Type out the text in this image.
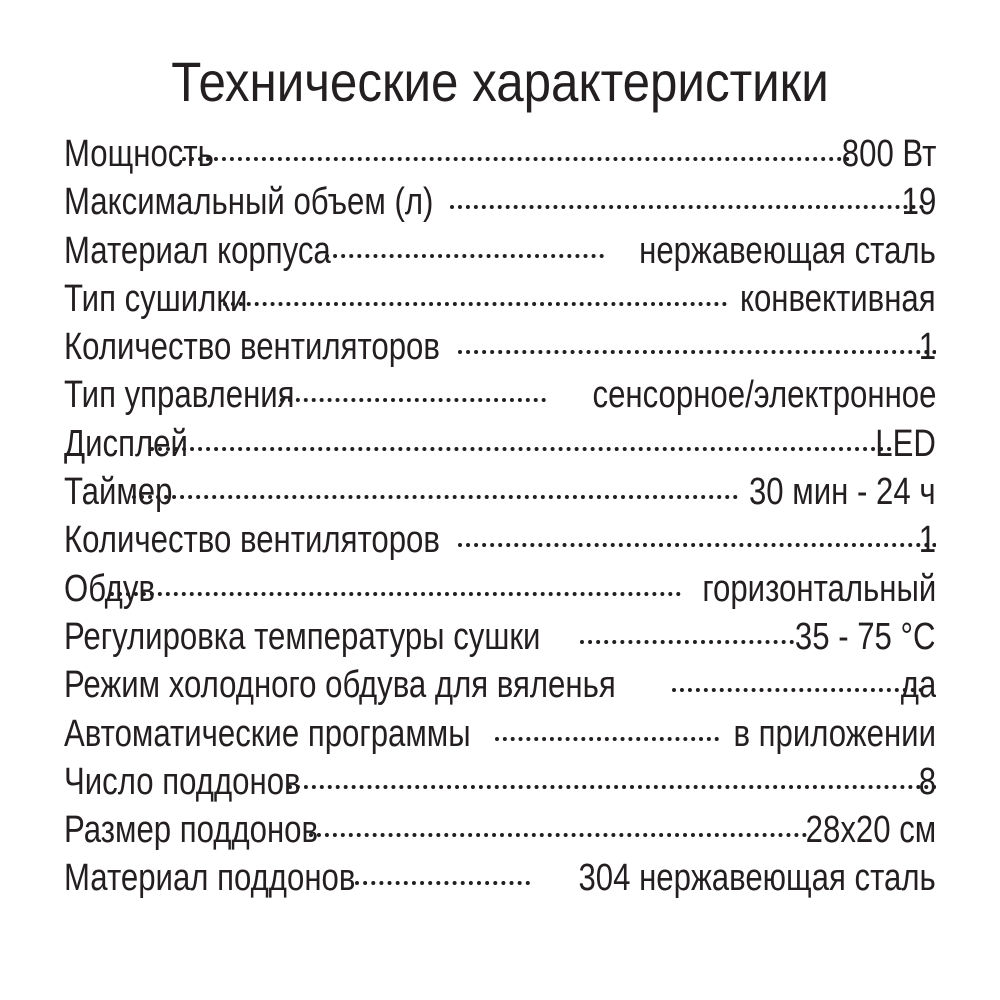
Технические характеристики
Мощность	800 Вт
Максимальный объем (л)	19
Материал корпуса	нержавеющая сталь
Тип сушилки	конвективная
Количество вентиляторов	1
Тип управления	сенсорное/электронное
Дисплей	LED
Таймер	30 мин - 24 ч
Количество вентиляторов	1
Обдув	горизонтальный
Регулировка температуры сушки	35 - 75 °С
Режим холодного обдува для вяленья	да
Автоматические программы	в приложении
Число поддонов	8
Размер поддонов	28x20 см
Материал поддонов	304 нержавеющая сталь
